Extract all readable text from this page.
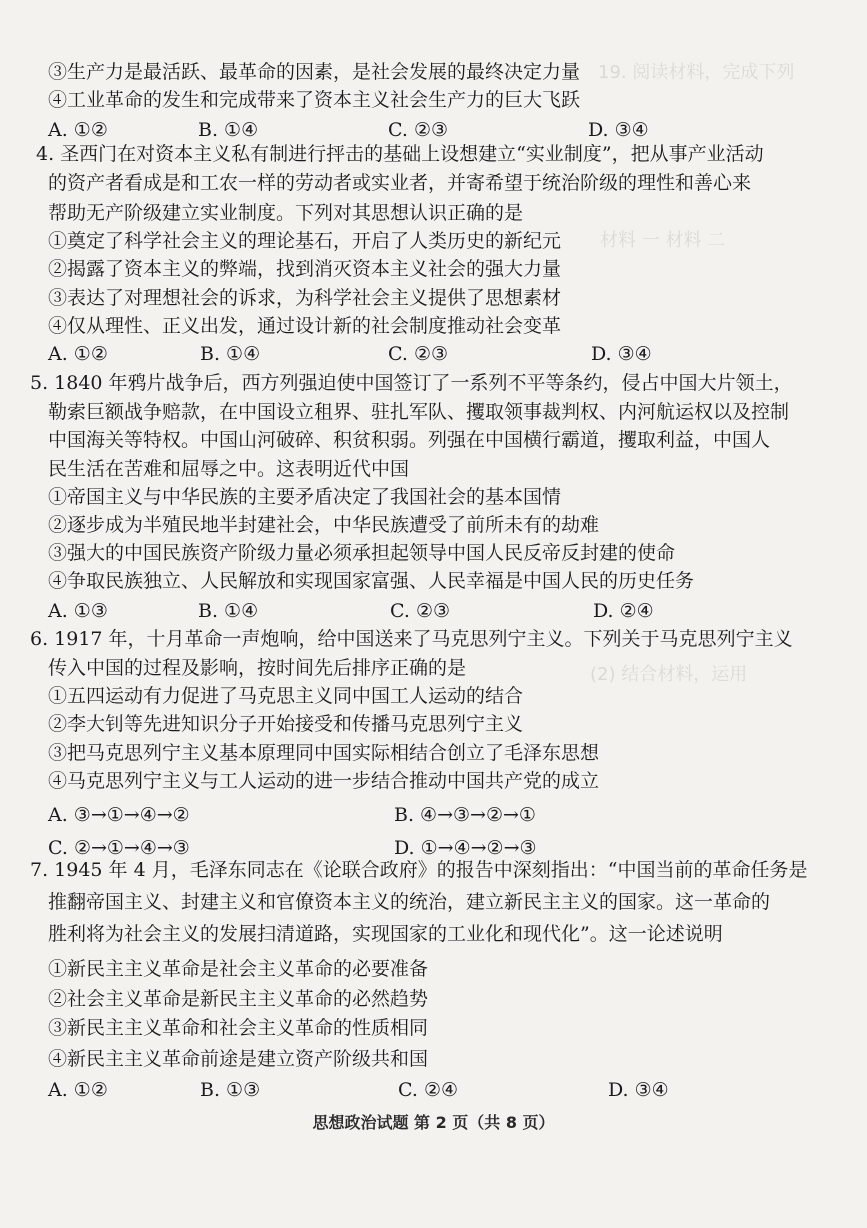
19. 阅读材料，完成下列
材料 一 材料 二
(2) 结合材料，运用
③生产力是最活跃、最革命的因素，是社会发展的最终决定力量
④工业革命的发生和完成带来了资本主义社会生产力的巨大飞跃
A. ①②	B. ①④	C. ②③	D. ③④
4. 圣西门在对资本主义私有制进行抨击的基础上设想建立“实业制度”，把从事产业活动
的资产者看成是和工农一样的劳动者或实业者，并寄希望于统治阶级的理性和善心来
帮助无产阶级建立实业制度。下列对其思想认识正确的是
①奠定了科学社会主义的理论基石，开启了人类历史的新纪元
②揭露了资本主义的弊端，找到消灭资本主义社会的强大力量
③表达了对理想社会的诉求，为科学社会主义提供了思想素材
④仅从理性、正义出发，通过设计新的社会制度推动社会变革
A. ①②	B. ①④	C. ②③	D. ③④
5. 1840 年鸦片战争后，西方列强迫使中国签订了一系列不平等条约，侵占中国大片领土，
勒索巨额战争赔款，在中国设立租界、驻扎军队、攫取领事裁判权、内河航运权以及控制
中国海关等特权。中国山河破碎、积贫积弱。列强在中国横行霸道，攫取利益，中国人
民生活在苦难和屈辱之中。这表明近代中国
①帝国主义与中华民族的主要矛盾决定了我国社会的基本国情
②逐步成为半殖民地半封建社会，中华民族遭受了前所未有的劫难
③强大的中国民族资产阶级力量必须承担起领导中国人民反帝反封建的使命
④争取民族独立、人民解放和实现国家富强、人民幸福是中国人民的历史任务
A. ①③	B. ①④	C. ②③	D. ②④
6. 1917 年，十月革命一声炮响，给中国送来了马克思列宁主义。下列关于马克思列宁主义
传入中国的过程及影响，按时间先后排序正确的是
①五四运动有力促进了马克思主义同中国工人运动的结合
②李大钊等先进知识分子开始接受和传播马克思列宁主义
③把马克思列宁主义基本原理同中国实际相结合创立了毛泽东思想
④马克思列宁主义与工人运动的进一步结合推动中国共产党的成立
A. ③→①→④→②	B. ④→③→②→①
C. ②→①→④→③	D. ①→④→②→③
7. 1945 年 4 月，毛泽东同志在《论联合政府》的报告中深刻指出：“中国当前的革命任务是
推翻帝国主义、封建主义和官僚资本主义的统治，建立新民主主义的国家。这一革命的
胜利将为社会主义的发展扫清道路，实现国家的工业化和现代化”。这一论述说明
①新民主主义革命是社会主义革命的必要准备
②社会主义革命是新民主主义革命的必然趋势
③新民主主义革命和社会主义革命的性质相同
④新民主主义革命前途是建立资产阶级共和国
A. ①②	B. ①③	C. ②④	D. ③④
思想政治试题 第 2 页（共 8 页）
